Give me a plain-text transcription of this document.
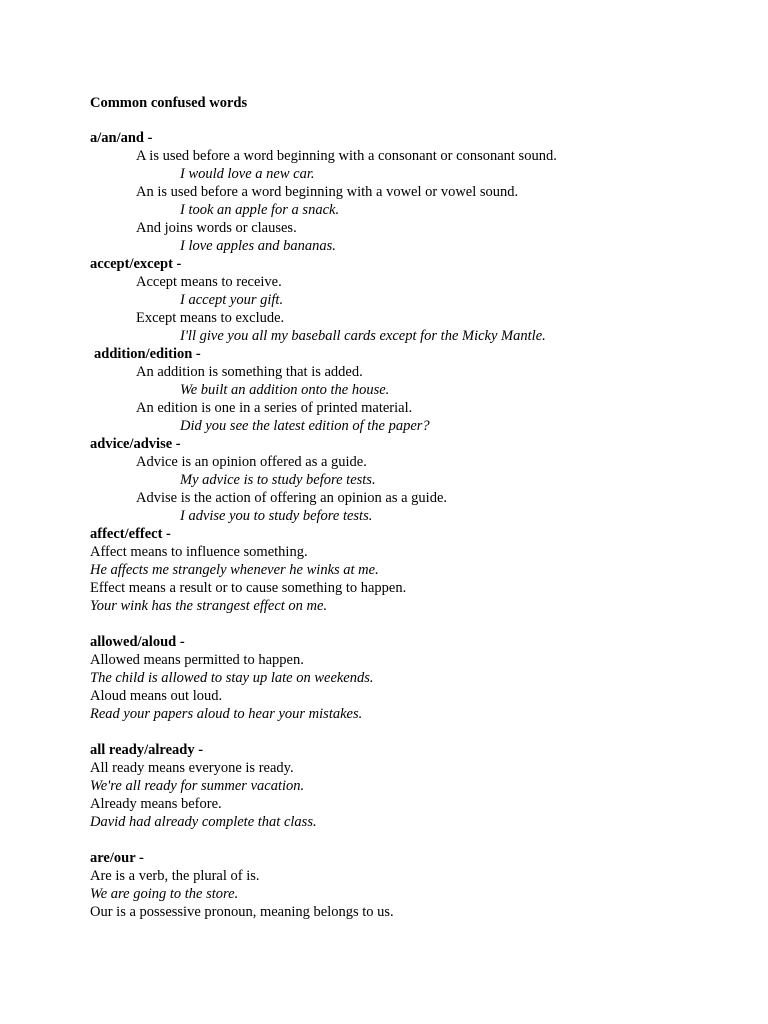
Common confused words
a/an/and -
A is used before a word beginning with a consonant or consonant sound.
I would love a new car.
An is used before a word beginning with a vowel or vowel sound.
I took an apple for a snack.
And joins words or clauses.
I love apples and bananas.
accept/except -
Accept means to receive.
I accept your gift.
Except means to exclude.
I'll give you all my baseball cards except for the Micky Mantle.
addition/edition -
An addition is something that is added.
We built an addition onto the house.
An edition is one in a series of printed material.
Did you see the latest edition of the paper?
advice/advise -
Advice is an opinion offered as a guide.
My advice is to study before tests.
Advise is the action of offering an opinion as a guide.
I advise you to study before tests.
affect/effect -
Affect means to influence something.
He affects me strangely whenever he winks at me.
Effect means a result or to cause something to happen.
Your wink has the strangest effect on me.
allowed/aloud -
Allowed means permitted to happen.
The child is allowed to stay up late on weekends.
Aloud means out loud.
Read your papers aloud to hear your mistakes.
all ready/already -
All ready means everyone is ready.
We're all ready for summer vacation.
Already means before.
David had already complete that class.
are/our -
Are is a verb, the plural of is.
We are going to the store.
Our is a possessive pronoun, meaning belongs to us.
